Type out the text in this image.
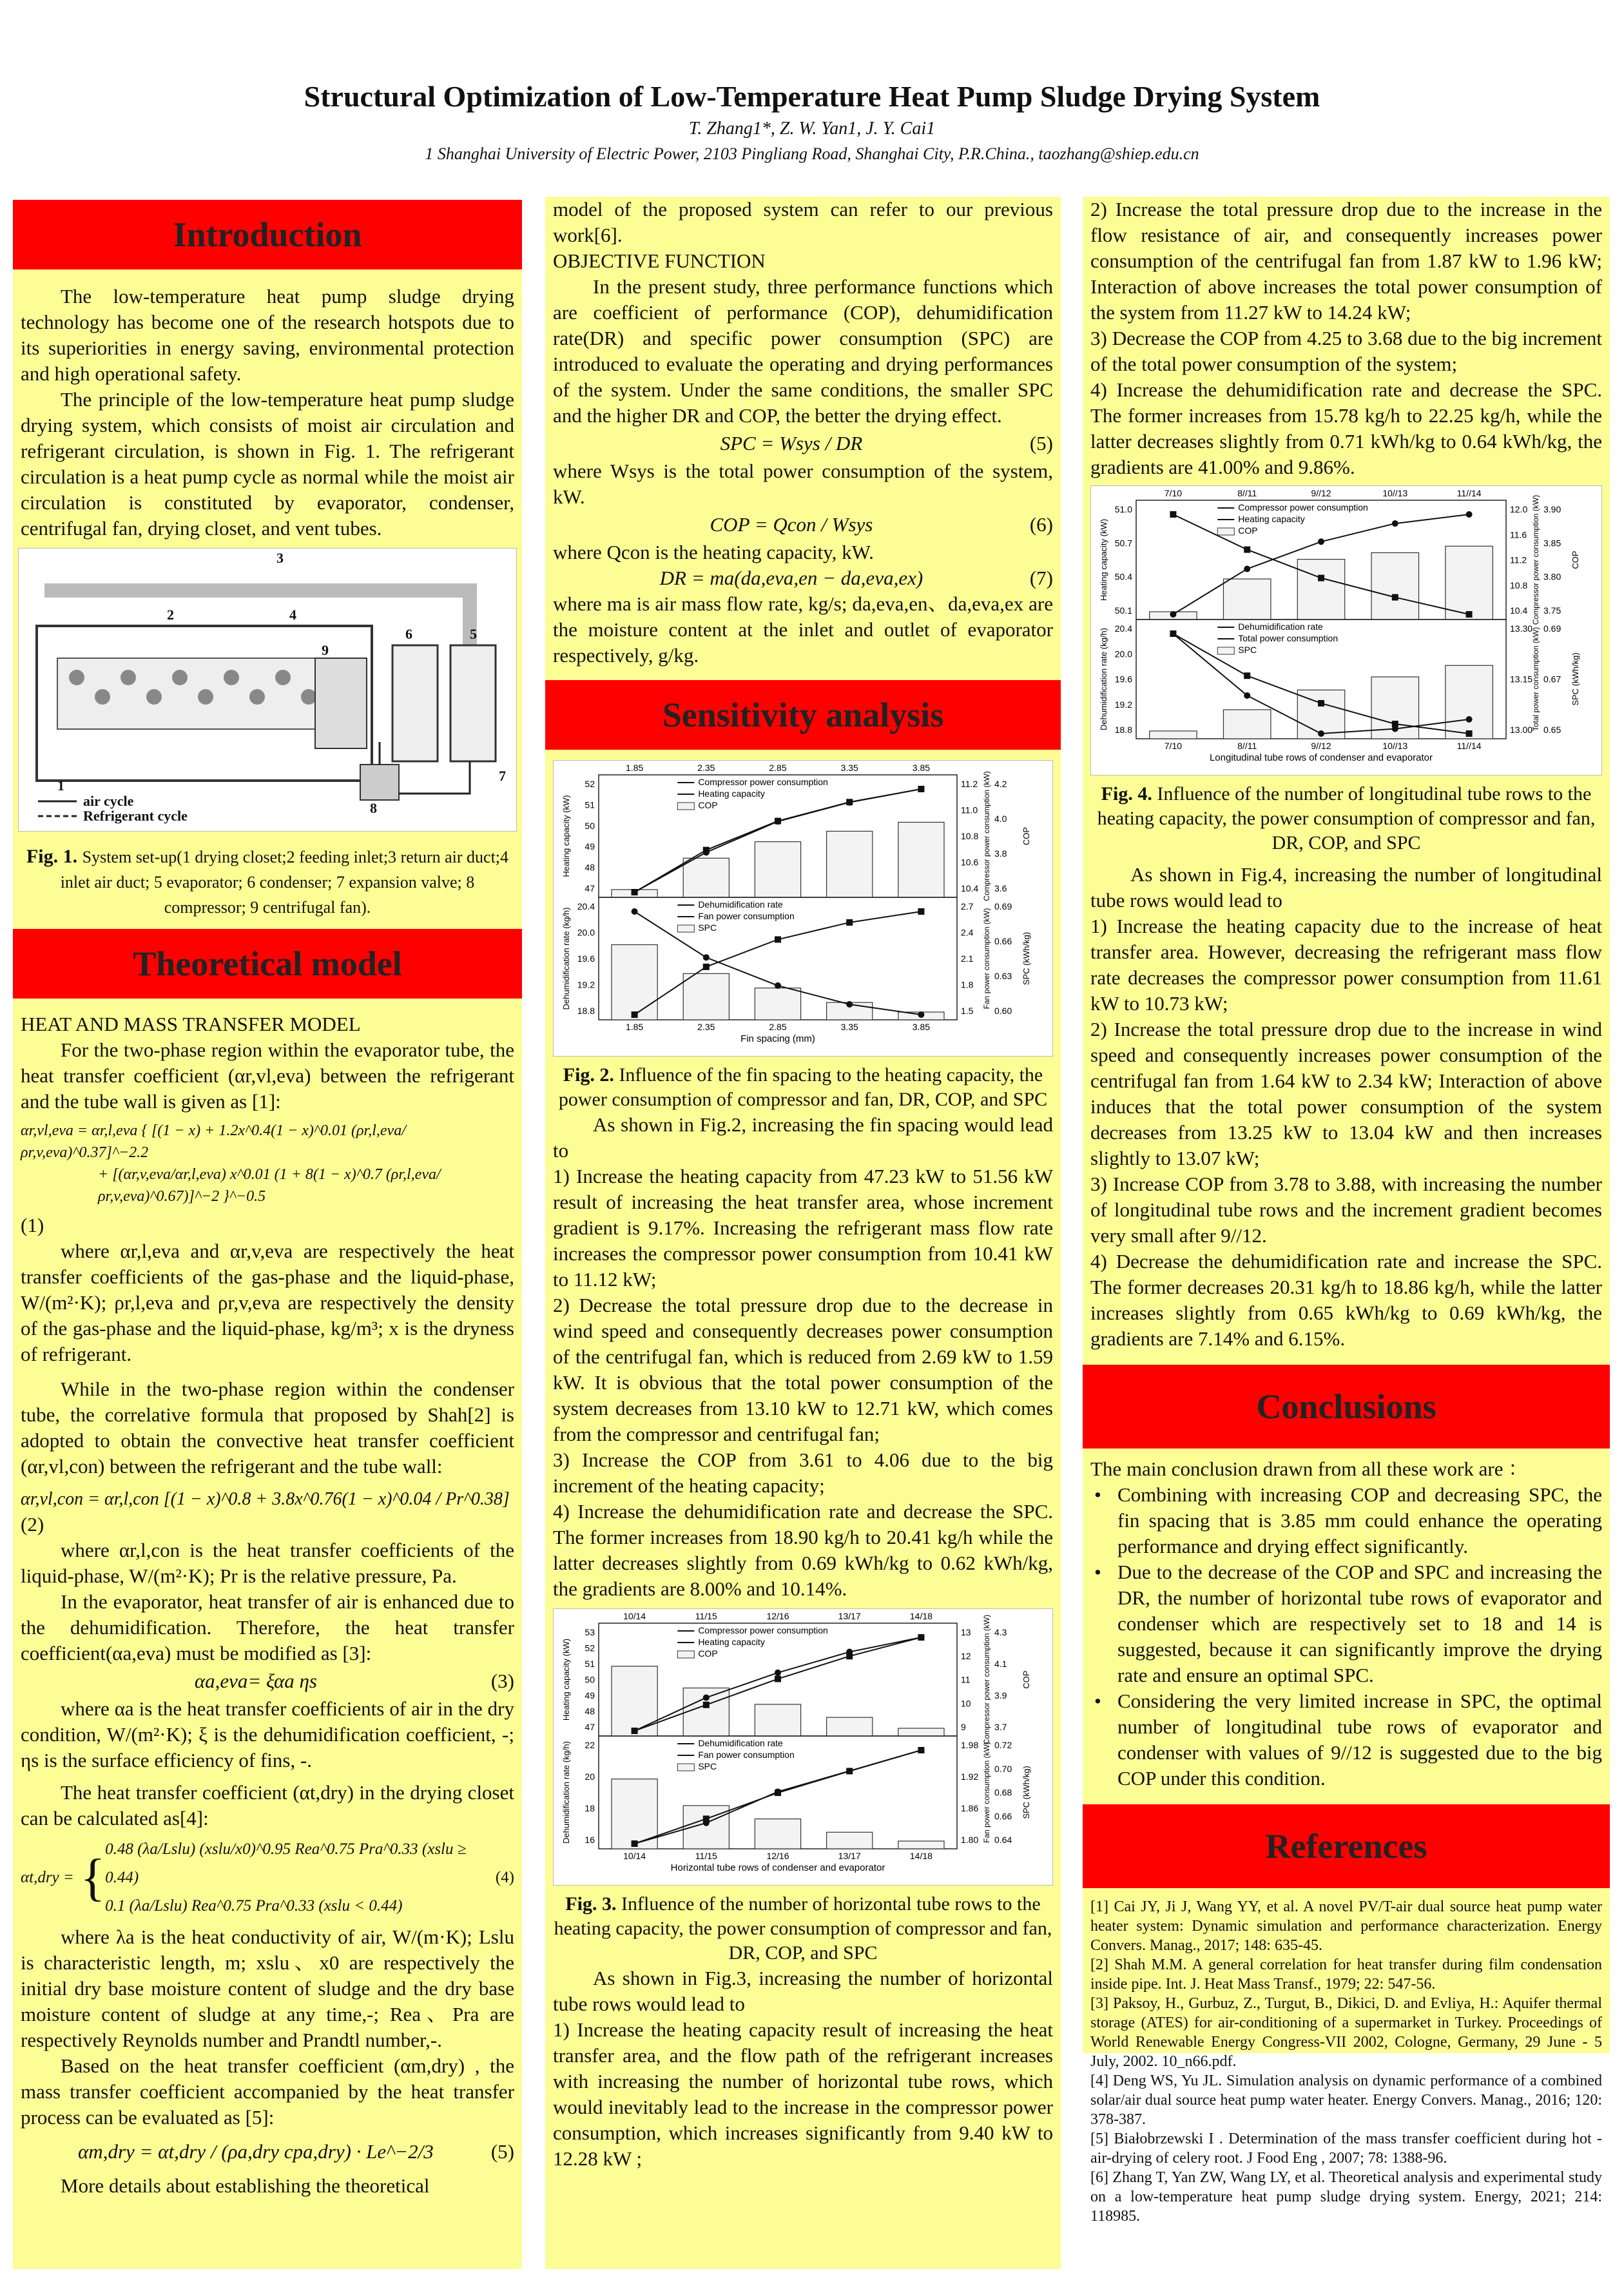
Structural Optimization of Low-Temperature Heat Pump Sludge Drying System
T. Zhang1*, Z. W. Yan1, J. Y. Cai1
1 Shanghai University of Electric Power, 2103 Pingliang Road, Shanghai City, P.R.China., taozhang@shiep.edu.cn
Introduction

The low-temperature heat pump sludge drying technology has become one of the research hotspots due to its superiorities in energy saving, environmental protection and high operational safety.

The principle of the low-temperature heat pump sludge drying system, which consists of moist air circulation and refrigerant circulation, is shown in Fig. 1. The refrigerant circulation is a heat pump cycle as normal while the moist air circulation is constituted by evaporator, condenser, centrifugal fan, drying closet, and vent tubes.

air cycle
Refrigerant cycle
1
2
3
4
5
6
7
8
9

Fig. 1. System set-up(1 drying closet;2 feeding inlet;3 return air duct;4 inlet air duct; 5 evaporator; 6 condenser; 7 expansion valve; 8 compressor; 9 centrifugal fan).

Theoretical model

HEAT AND MASS TRANSFER MODEL

For the two-phase region within the evaporator tube, the heat transfer coefficient (αr,vl,eva) between the refrigerant and the tube wall is given as [1]:

αr,vl,eva = αr,l,eva { [(1 − x) + 1.2x^0.4(1 − x)^0.01 (ρr,l,eva/ρr,v,eva)^0.37]^−2.2
+ [(αr,v,eva/αr,l,eva) x^0.01 (1 + 8(1 − x)^0.7 (ρr,l,eva/ρr,v,eva)^0.67)]^−2 }^−0.5

(1)

where αr,l,eva and αr,v,eva are respectively the heat transfer coefficients of the gas-phase and the liquid-phase, W/(m²·K); ρr,l,eva and ρr,v,eva are respectively the density of the gas-phase and the liquid-phase, kg/m³; x is the dryness of refrigerant.

While in the two-phase region within the condenser tube, the correlative formula that proposed by Shah[2] is adopted to obtain the convective heat transfer coefficient (αr,vl,con) between the refrigerant and the tube wall:

αr,vl,con = αr,l,con [(1 − x)^0.8 + 3.8x^0.76(1 − x)^0.04 / Pr^0.38]

(2)

where αr,l,con is the heat transfer coefficients of the liquid-phase, W/(m²·K); Pr is the relative pressure, Pa.

In the evaporator, heat transfer of air is enhanced due to the dehumidification. Therefore, the heat transfer coefficient(αa,eva) must be modified as [3]:

αa,eva= ξαa ηs	(3)

where αa is the heat transfer coefficients of air in the dry condition, W/(m²·K); ξ is the dehumidification coefficient, -; ηs is the surface efficiency of fins, -.

The heat transfer coefficient (αt,dry) in the drying closet can be calculated as[4]:

αt,dry = {
0.48 (λa/Lslu) (xslu/x0)^0.95 Rea^0.75 Pra^0.33 (xslu ≥ 0.44)
0.1 (λa/Lslu) Rea^0.75 Pra^0.33 (xslu < 0.44)
(4)

where λa is the heat conductivity of air, W/(m·K); Lslu is characteristic length, m; xslu、x0 are respectively the initial dry base moisture content of sludge and the dry base moisture content of sludge at any time,-; Rea、Pra are respectively Reynolds number and Prandtl number,-.

Based on the heat transfer coefficient (αm,dry) , the mass transfer coefficient accompanied by the heat transfer process can be evaluated as [5]:

αm,dry = αt,dry / (ρa,dry cpa,dry) · Le^−2/3	(5)

More details about establishing the theoretical

model of the proposed system can refer to our previous work[6].

OBJECTIVE FUNCTION

In the present study, three performance functions which are coefficient of performance (COP), dehumidification rate(DR) and specific power consumption (SPC) are introduced to evaluate the operating and drying performances of the system. Under the same conditions, the smaller SPC and the higher DR and COP, the better the drying effect.

SPC = Wsys / DR	(5)

where Wsys is the total power consumption of the system, kW.

COP = Qcon / Wsys	(6)

where Qcon is the heating capacity, kW.

DR = ma(da,eva,en − da,eva,ex)	(7)

where ma is air mass flow rate, kg/s; da,eva,en、da,eva,ex are the moisture content at the inlet and outlet of evaporator respectively, g/kg.

Sensitivity analysis
52
51
50
49
48
47
11.2
11.0
10.8
10.6
10.4
4.2
4.0
3.8
3.6
Heating capacity (kW)	Compressor power consumption (kW)	COP
Compressor power consumption
Heating capacity
COP
1.85	2.35	2.85	3.35	3.85
20.4
20.0
19.6
19.2
18.8
2.7
2.4
2.1
1.8
1.5
0.69
0.66
0.63
0.60
Dehumidification rate (kg/h)	Fan power consumption (kW)	SPC (kWh/kg)
Dehumidification rate
Fan power consumption
SPC
1.85	2.35	2.85	3.35	3.85
Fin spacing (mm)

Fig. 2. Influence of the fin spacing to the heating capacity, the power consumption of compressor and fan, DR, COP, and SPC

As shown in Fig.2, increasing the fin spacing would lead to

1) Increase the heating capacity from 47.23 kW to 51.56 kW result of increasing the heat transfer area, whose increment gradient is 9.17%. Increasing the refrigerant mass flow rate increases the compressor power consumption from 10.41 kW to 11.12 kW;

2) Decrease the total pressure drop due to the decrease in wind speed and consequently decreases power consumption of the centrifugal fan, which is reduced from 2.69 kW to 1.59 kW. It is obvious that the total power consumption of the system decreases from 13.10 kW to 12.71 kW, which comes from the compressor and centrifugal fan;

3) Increase the COP from 3.61 to 4.06 due to the big increment of the heating capacity;

4) Increase the dehumidification rate and decrease the SPC. The former increases from 18.90 kg/h to 20.41 kg/h while the latter decreases slightly from 0.69 kWh/kg to 0.62 kWh/kg, the gradients are 8.00% and 10.14%.

53
52
51
50
49
48
47
13
12
11
10
9
4.3
4.1
3.9
3.7
Heating capacity (kW)	Compressor power consumption (kW)	COP
Compressor power consumption
Heating capacity
COP
10/14	11/15	12/16	13/17	14/18
22
20
18
16
1.98
1.92
1.86
1.80
0.72
0.70
0.68
0.66
0.64
Dehumidification rate (kg/h)	Fan power consumption (kW)	SPC (kWh/kg)
Dehumidification rate
Fan power consumption
SPC
10/14	11/15	12/16	13/17	14/18
Horizontal tube rows of condenser and evaporator

Fig. 3. Influence of the number of horizontal tube rows to the heating capacity, the power consumption of compressor and fan, DR, COP, and SPC

As shown in Fig.3, increasing the number of horizontal tube rows would lead to

1) Increase the heating capacity result of increasing the heat transfer area, and the flow path of the refrigerant increases with increasing the number of horizontal tube rows, which would inevitably lead to the increase in the compressor power consumption, which increases significantly from 9.40 kW to 12.28 kW ;

2) Increase the total pressure drop due to the increase in the flow resistance of air, and consequently increases power consumption of the centrifugal fan from 1.87 kW to 1.96 kW; Interaction of above increases the total power consumption of the system from 11.27 kW to 14.24 kW;

3) Decrease the COP from 4.25 to 3.68 due to the big increment of the total power consumption of the system;

4) Increase the dehumidification rate and decrease the SPC. The former increases from 15.78 kg/h to 22.25 kg/h, while the latter decreases slightly from 0.71 kWh/kg to 0.64 kWh/kg, the gradients are 41.00% and 9.86%.

51.0
50.7
50.4
50.1
12.0
11.6
11.2
10.8
10.4
3.90
3.85
3.80
3.75
Heating capacity (kW)	Compressor power consumption (kW)	COP
Compressor power consumption
Heating capacity
COP
7/10	8//11	9//12	10//13	11//14
20.4
20.0
19.6
19.2
18.8
13.30
13.15
13.00
0.69
0.67
0.65
Dehumidification rate (kg/h)	Total power consumption (kW)	SPC (kWh/kg)
Dehumidification rate
Total power consumption
SPC
7/10	8//11	9//12	10//13	11//14
Longitudinal tube rows of condenser and evaporator

Fig. 4. Influence of the number of longitudinal tube rows to the heating capacity, the power consumption of compressor and fan, DR, COP, and SPC

As shown in Fig.4, increasing the number of longitudinal tube rows would lead to

1) Increase the heating capacity due to the increase of heat transfer area. However, decreasing the refrigerant mass flow rate decreases the compressor power consumption from 11.61 kW to 10.73 kW;

2) Increase the total pressure drop due to the increase in wind speed and consequently increases power consumption of the centrifugal fan from 1.64 kW to 2.34 kW; Interaction of above induces that the total power consumption of the system decreases from 13.25 kW to 13.04 kW and then increases slightly to 13.07 kW;

3) Increase COP from 3.78 to 3.88, with increasing the number of longitudinal tube rows and the increment gradient becomes very small after 9//12.

4) Decrease the dehumidification rate and increase the SPC. The former decreases 20.31 kg/h to 18.86 kg/h, while the latter increases slightly from 0.65 kWh/kg to 0.69 kWh/kg, the gradients are 7.14% and 6.15%.

Conclusions

The main conclusion drawn from all these work are ：

• Combining with increasing COP and decreasing SPC, the fin spacing that is 3.85 mm could enhance the operating performance and drying effect significantly.
• Due to the decrease of the COP and SPC and increasing the DR, the number of horizontal tube rows of evaporator and condenser which are respectively set to 18 and 14 is suggested, because it can significantly improve the drying rate and ensure an optimal SPC.
• Considering the very limited increase in SPC, the optimal number of longitudinal tube rows of evaporator and condenser with values of 9//12 is suggested due to the big COP under this condition.
References

[1] Cai JY, Ji J, Wang YY, et al. A novel PV/T-air dual source heat pump water heater system: Dynamic simulation and performance characterization. Energy Convers. Manag., 2017; 148: 635-45.

[2] Shah M.M. A general correlation for heat transfer during film condensation inside pipe. Int. J. Heat Mass Transf., 1979; 22: 547-56.

[3] Paksoy, H., Gurbuz, Z., Turgut, B., Dikici, D. and Evliya, H.: Aquifer thermal storage (ATES) for air-conditioning of a supermarket in Turkey. Proceedings of World Renewable Energy Congress-VII 2002, Cologne, Germany, 29 June - 5 July, 2002. 10_n66.pdf.

[4] Deng WS, Yu JL. Simulation analysis on dynamic performance of a combined solar/air dual source heat pump water heater. Energy Convers. Manag., 2016; 120: 378-387.

[5] Białobrzewski I . Determination of the mass transfer coefficient during hot -air-drying of celery root. J Food Eng , 2007; 78: 1388-96.

[6] Zhang T, Yan ZW, Wang LY, et al. Theoretical analysis and experimental study on a low-temperature heat pump sludge drying system. Energy, 2021; 214: 118985.
